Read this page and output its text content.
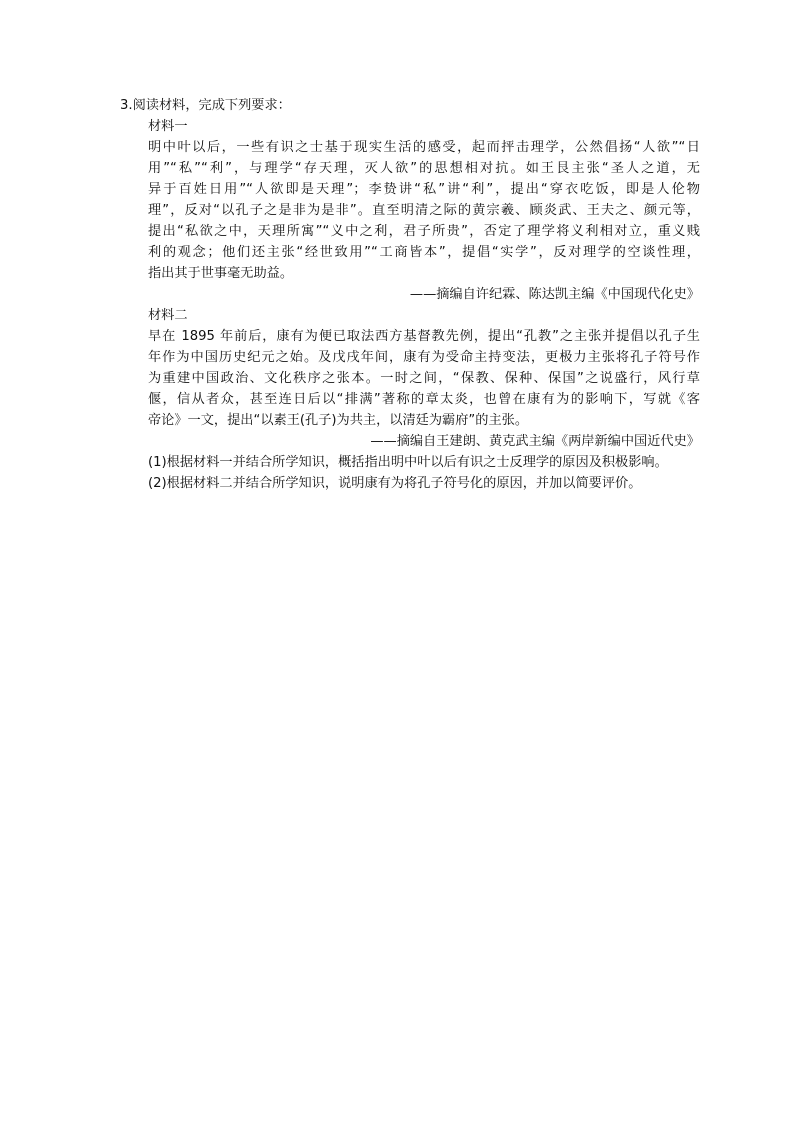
3.阅读材料，完成下列要求：
材料一
明中叶以后，一些有识之士基于现实生活的感受，起而抨击理学，公然倡扬“人欲”“日
用”“私”“利”，与理学“存天理，灭人欲”的思想相对抗。如王艮主张“圣人之道，无
异于百姓日用”“人欲即是天理”；李贽讲“私”讲“利”，提出“穿衣吃饭，即是人伦物
理”，反对“以孔子之是非为是非”。直至明清之际的黄宗羲、顾炎武、王夫之、颜元等，
提出“私欲之中，天理所寓”“义中之利，君子所贵”，否定了理学将义利相对立，重义贱
利的观念；他们还主张“经世致用”“工商皆本”，提倡“实学”，反对理学的空谈性理，
指出其于世事毫无助益。
——摘编自许纪霖、陈达凯主编《中国现代化史》
材料二
早在 1895 年前后，康有为便已取法西方基督教先例，提出“孔教”之主张并提倡以孔子生
年作为中国历史纪元之始。及戊戌年间，康有为受命主持变法，更极力主张将孔子符号作
为重建中国政治、文化秩序之张本。一时之间，“保教、保种、保国”之说盛行，风行草
偃，信从者众，甚至连日后以“排满”著称的章太炎，也曾在康有为的影响下，写就《客
帝论》一文，提出“以素王(孔子)为共主，以清廷为霸府”的主张。
——摘编自王建朗、黄克武主编《两岸新编中国近代史》
(1)根据材料一并结合所学知识，概括指出明中叶以后有识之士反理学的原因及积极影响。
(2)根据材料二并结合所学知识，说明康有为将孔子符号化的原因，并加以简要评价。
